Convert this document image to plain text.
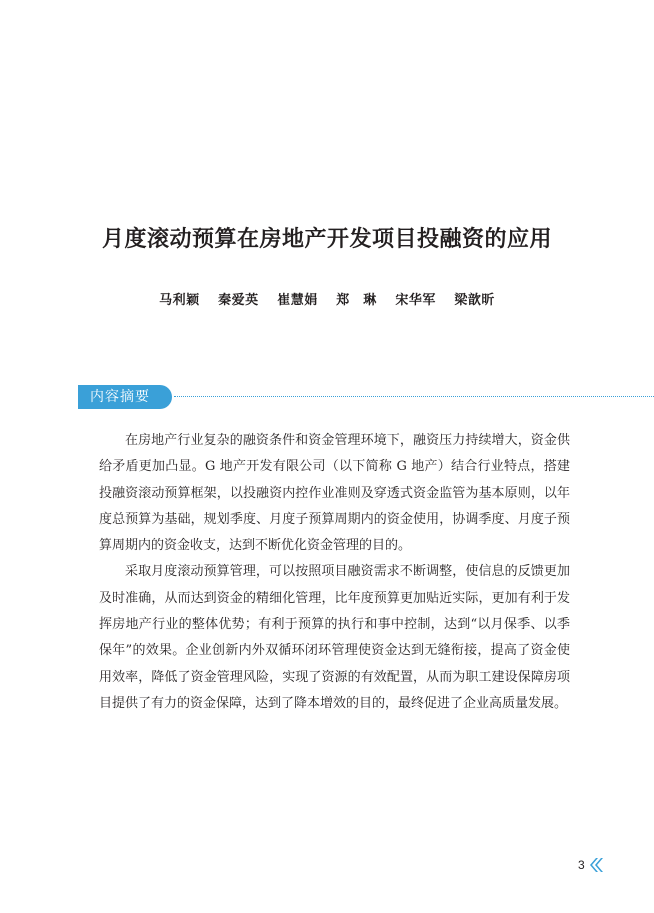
月度滚动预算在房地产开发项目投融资的应用
马利颖 秦爱英 崔慧娟 郑　琳 宋华军 梁歆昕
内容摘要

在房地产行业复杂的融资条件和资金管理环境下，融资压力持续增大，资金供给矛盾更加凸显。G 地产开发有限公司（以下简称 G 地产）结合行业特点，搭建投融资滚动预算框架，以投融资内控作业准则及穿透式资金监管为基本原则，以年度总预算为基础，规划季度、月度子预算周期内的资金使用，协调季度、月度子预算周期内的资金收支，达到不断优化资金管理的目的。

采取月度滚动预算管理，可以按照项目融资需求不断调整，使信息的反馈更加及时准确，从而达到资金的精细化管理，比年度预算更加贴近实际，更加有利于发挥房地产行业的整体优势；有利于预算的执行和事中控制，达到“以月保季、以季保年”的效果。企业创新内外双循环闭环管理使资金达到无缝衔接，提高了资金使用效率，降低了资金管理风险，实现了资源的有效配置，从而为职工建设保障房项目提供了有力的资金保障，达到了降本增效的目的，最终促进了企业高质量发展。

3
